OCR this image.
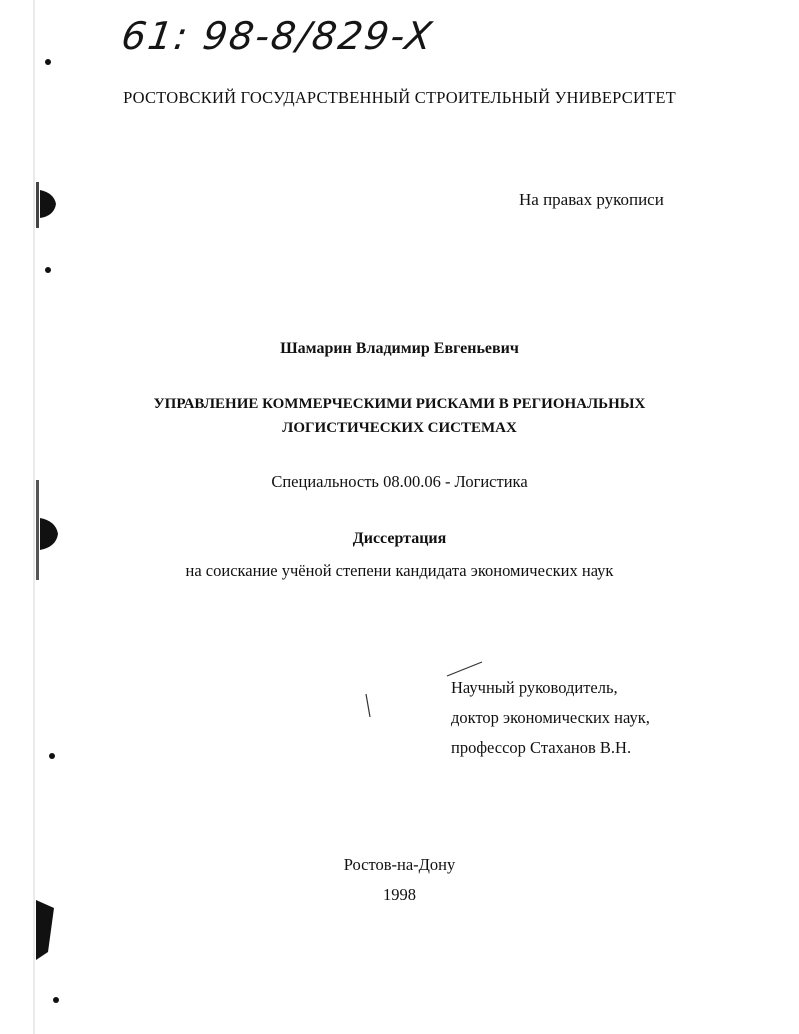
61: 98-8/829-X
РОСТОВСКИЙ ГОСУДАРСТВЕННЫЙ СТРОИТЕЛЬНЫЙ УНИВЕРСИТЕТ
На правах рукописи
Шамарин Владимир Евгеньевич
УПРАВЛЕНИЕ КОММЕРЧЕСКИМИ РИСКАМИ В РЕГИОНАЛЬНЫХ
ЛОГИСТИЧЕСКИХ СИСТЕМАХ
Специальность 08.00.06 - Логистика
Диссертация
на соискание учёной степени кандидата экономических наук
Научный руководитель,
доктор экономических наук,
профессор Стаханов В.Н.
Ростов-на-Дону
1998
